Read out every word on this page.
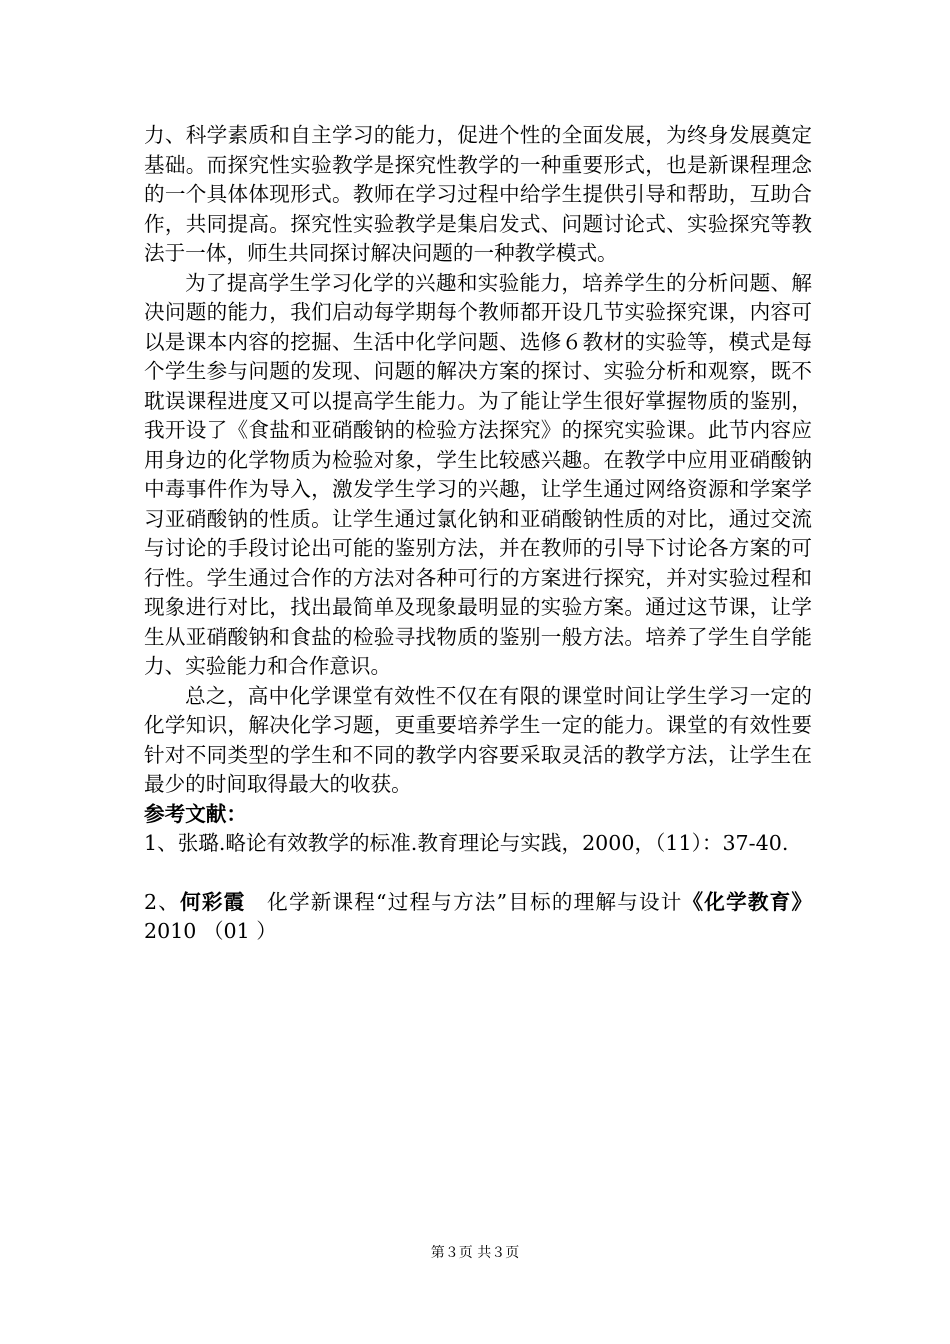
力、科学素质和自主学习的能力，促进个性的全面发展，为终身发展奠定基础。而探究性实验教学是探究性教学的一种重要形式，也是新课程理念的一个具体体现形式。教师在学习过程中给学生提供引导和帮助，互助合作，共同提高。探究性实验教学是集启发式、问题讨论式、实验探究等教法于一体，师生共同探讨解决问题的一种教学模式。

为了提高学生学习化学的兴趣和实验能力，培养学生的分析问题、解决问题的能力，我们启动每学期每个教师都开设几节实验探究课，内容可以是课本内容的挖掘、生活中化学问题、选修６教材的实验等，模式是每个学生参与问题的发现、问题的解决方案的探讨、实验分析和观察，既不耽误课程进度又可以提高学生能力。为了能让学生很好掌握物质的鉴别，我开设了《食盐和亚硝酸钠的检验方法探究》的探究实验课。此节内容应用身边的化学物质为检验对象，学生比较感兴趣。在教学中应用亚硝酸钠中毒事件作为导入，激发学生学习的兴趣，让学生通过网络资源和学案学习亚硝酸钠的性质。让学生通过氯化钠和亚硝酸钠性质的对比，通过交流与讨论的手段讨论出可能的鉴别方法，并在教师的引导下讨论各方案的可行性。学生通过合作的方法对各种可行的方案进行探究，并对实验过程和现象进行对比，找出最简单及现象最明显的实验方案。通过这节课，让学生从亚硝酸钠和食盐的检验寻找物质的鉴别一般方法。培养了学生自学能力、实验能力和合作意识。

总之，高中化学课堂有效性不仅在有限的课堂时间让学生学习一定的化学知识，解决化学习题，更重要培养学生一定的能力。课堂的有效性要针对不同类型的学生和不同的教学内容要采取灵活的教学方法，让学生在最少的时间取得最大的收获。

参考文献：

1、张璐.略论有效教学的标准.教育理论与实践，2000，（11）：37-40.

2、何彩霞　化学新课程“过程与方法”目标的理解与设计《化学教育》 2010 （01 ）

第３页 共３页
